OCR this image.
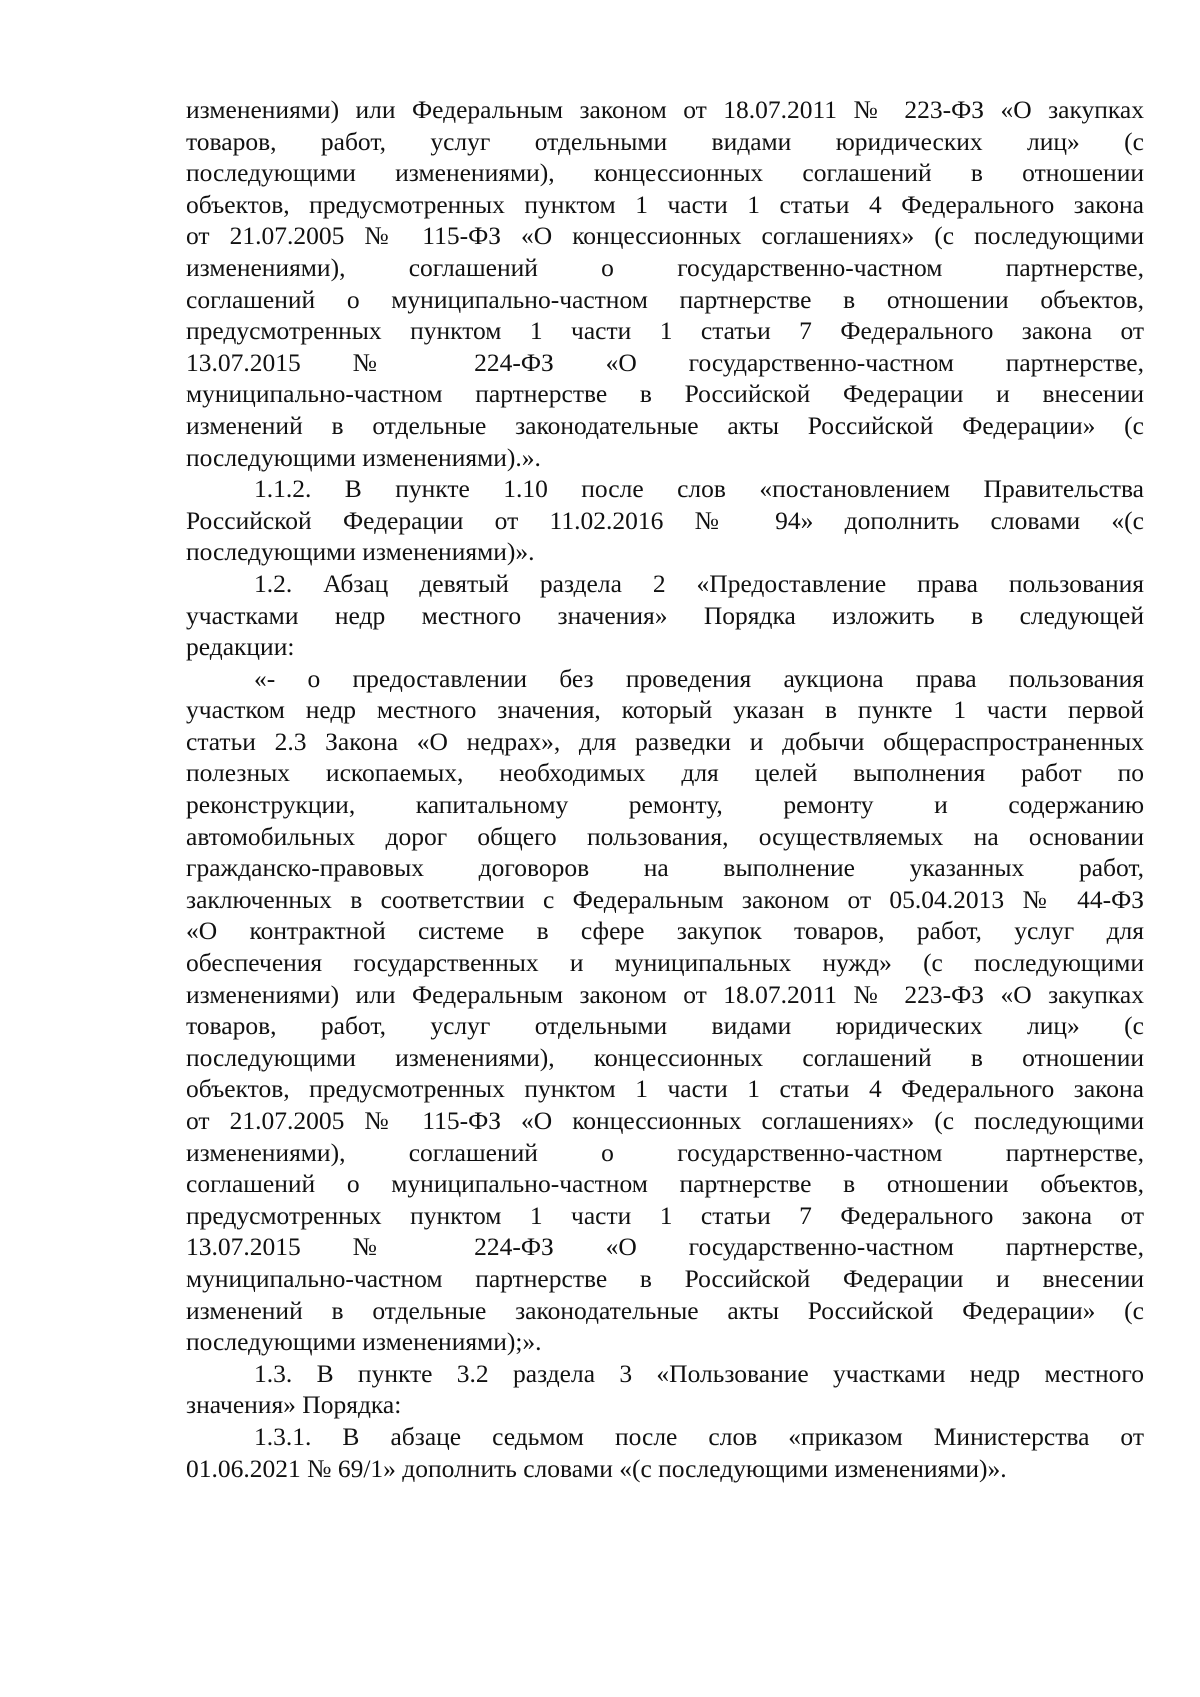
изменениями) или Федеральным законом от 18.07.2011 № 223-ФЗ «О закупках
товаров, работ, услуг отдельными видами юридических лиц» (с
последующими изменениями), концессионных соглашений в отношении
объектов, предусмотренных пунктом 1 части 1 статьи 4 Федерального закона
от 21.07.2005 № 115-ФЗ «О концессионных соглашениях» (с последующими
изменениями), соглашений о государственно-частном партнерстве,
соглашений о муниципально-частном партнерстве в отношении объектов,
предусмотренных пунктом 1 части 1 статьи 7 Федерального закона от
13.07.2015 № 224-ФЗ «О государственно-частном партнерстве,
муниципально-частном партнерстве в Российской Федерации и внесении
изменений в отдельные законодательные акты Российской Федерации» (с
последующими изменениями).».
1.1.2. В пункте 1.10 после слов «постановлением Правительства
Российской Федерации от 11.02.2016 № 94» дополнить словами «(с
последующими изменениями)».
1.2. Абзац девятый раздела 2 «Предоставление права пользования
участками недр местного значения» Порядка изложить в следующей
редакции:
«- о предоставлении без проведения аукциона права пользования
участком недр местного значения, который указан в пункте 1 части первой
статьи 2.3 Закона «О недрах», для разведки и добычи общераспространенных
полезных ископаемых, необходимых для целей выполнения работ по
реконструкции, капитальному ремонту, ремонту и содержанию
автомобильных дорог общего пользования, осуществляемых на основании
гражданско-правовых договоров на выполнение указанных работ,
заключенных в соответствии с Федеральным законом от 05.04.2013 № 44-ФЗ
«О контрактной системе в сфере закупок товаров, работ, услуг для
обеспечения государственных и муниципальных нужд» (с последующими
изменениями) или Федеральным законом от 18.07.2011 № 223-ФЗ «О закупках
товаров, работ, услуг отдельными видами юридических лиц» (с
последующими изменениями), концессионных соглашений в отношении
объектов, предусмотренных пунктом 1 части 1 статьи 4 Федерального закона
от 21.07.2005 № 115-ФЗ «О концессионных соглашениях» (с последующими
изменениями), соглашений о государственно-частном партнерстве,
соглашений о муниципально-частном партнерстве в отношении объектов,
предусмотренных пунктом 1 части 1 статьи 7 Федерального закона от
13.07.2015 № 224-ФЗ «О государственно-частном партнерстве,
муниципально-частном партнерстве в Российской Федерации и внесении
изменений в отдельные законодательные акты Российской Федерации» (с
последующими изменениями);».
1.3. В пункте 3.2 раздела 3 «Пользование участками недр местного
значения» Порядка:
1.3.1. В абзаце седьмом после слов «приказом Министерства от
01.06.2021 № 69/1» дополнить словами «(с последующими изменениями)».
